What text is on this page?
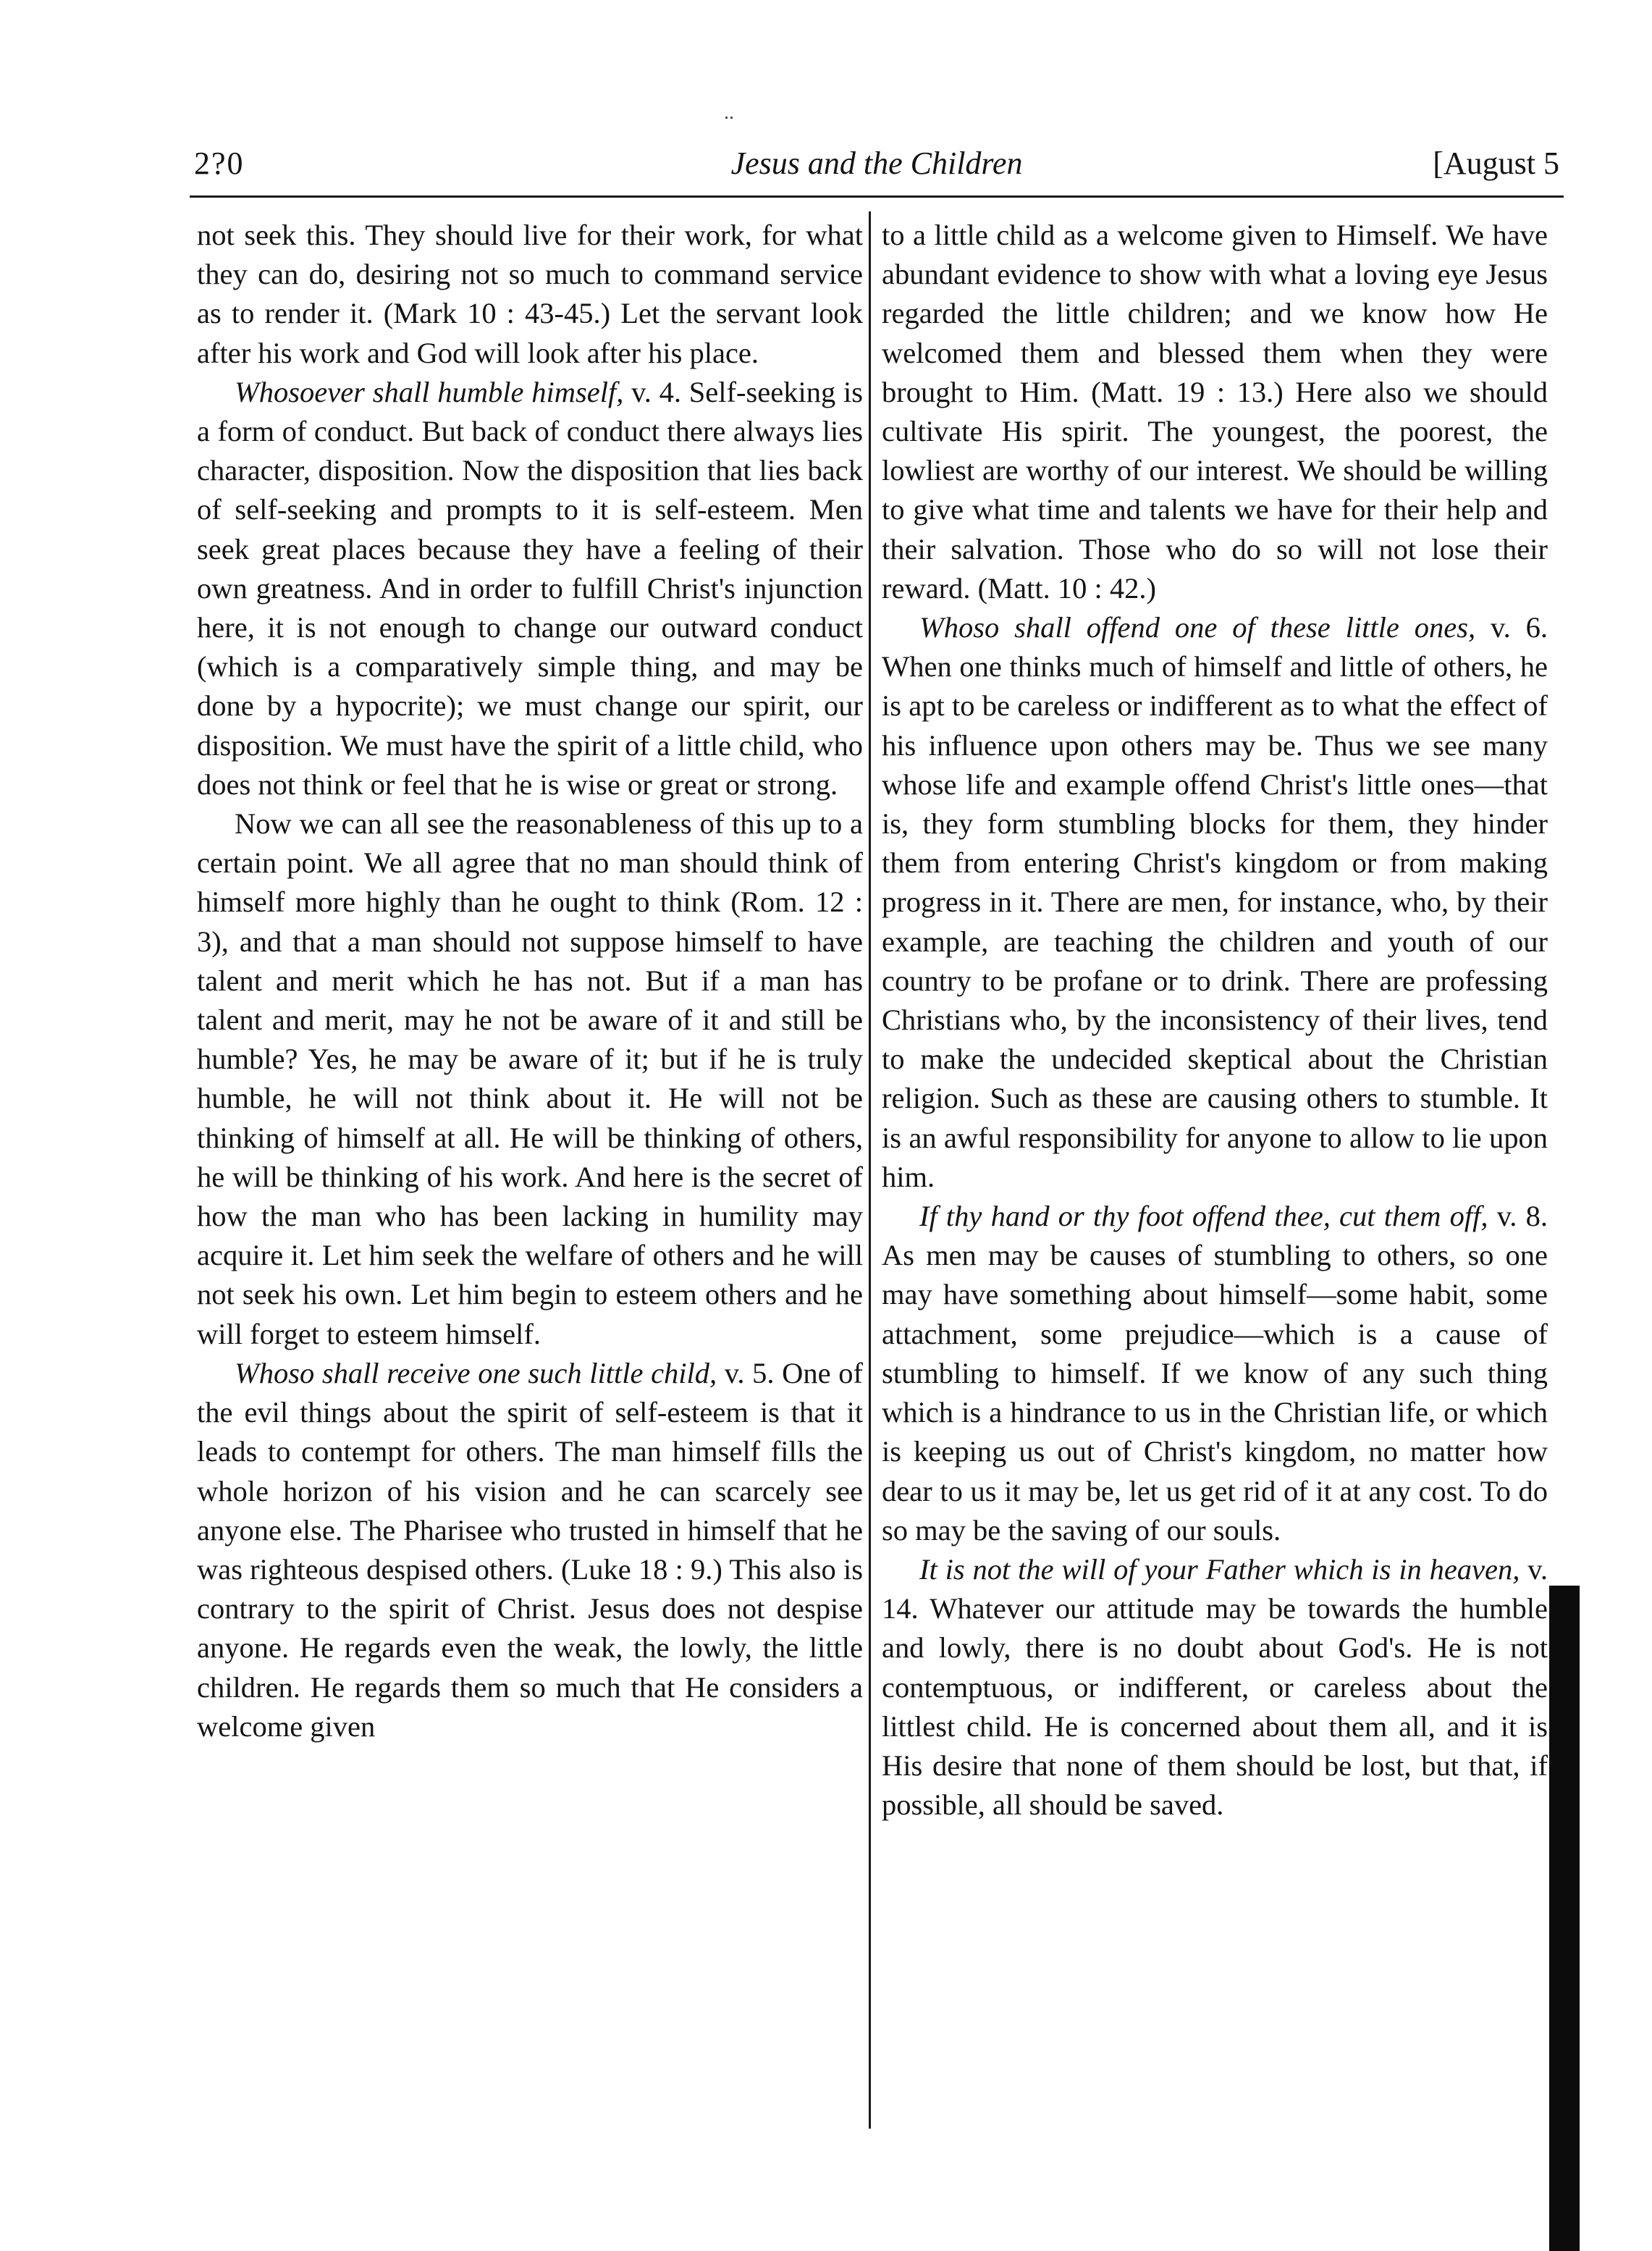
..
2?0	Jesus and the Children	[August 5

not seek this. They should live for their work, for what they can do, desiring not so much to command service as to render it. (Mark 10 : 43-45.) Let the servant look after his work and God will look after his place.

Whosoever shall humble himself, v. 4. Self-seeking is a form of conduct. But back of conduct there always lies character, disposition. Now the disposition that lies back of self-seeking and prompts to it is self-esteem. Men seek great places because they have a feeling of their own greatness. And in order to fulfill Christ's injunction here, it is not enough to change our outward conduct (which is a comparatively simple thing, and may be done by a hypocrite); we must change our spirit, our disposition. We must have the spirit of a little child, who does not think or feel that he is wise or great or strong.

Now we can all see the reasonableness of this up to a certain point. We all agree that no man should think of himself more highly than he ought to think (Rom. 12 : 3), and that a man should not suppose himself to have talent and merit which he has not. But if a man has talent and merit, may he not be aware of it and still be humble? Yes, he may be aware of it; but if he is truly humble, he will not think about it. He will not be thinking of himself at all. He will be thinking of others, he will be thinking of his work. And here is the secret of how the man who has been lacking in humility may acquire it. Let him seek the welfare of others and he will not seek his own. Let him begin to esteem others and he will forget to esteem himself.

Whoso shall receive one such little child, v. 5. One of the evil things about the spirit of self-esteem is that it leads to contempt for others. The man himself fills the whole horizon of his vision and he can scarcely see anyone else. The Pharisee who trusted in himself that he was righteous despised others. (Luke 18 : 9.) This also is contrary to the spirit of Christ. Jesus does not despise anyone. He regards even the weak, the lowly, the little children. He regards them so much that He considers a welcome given

to a little child as a welcome given to Himself. We have abundant evidence to show with what a loving eye Jesus regarded the little children; and we know how He welcomed them and blessed them when they were brought to Him. (Matt. 19 : 13.) Here also we should cultivate His spirit. The youngest, the poorest, the lowliest are worthy of our interest. We should be willing to give what time and talents we have for their help and their salvation. Those who do so will not lose their reward. (Matt. 10 : 42.)

Whoso shall offend one of these little ones, v. 6. When one thinks much of himself and little of others, he is apt to be careless or indifferent as to what the effect of his influence upon others may be. Thus we see many whose life and example offend Christ's little ones—that is, they form stumbling blocks for them, they hinder them from entering Christ's kingdom or from making progress in it. There are men, for instance, who, by their example, are teaching the children and youth of our country to be profane or to drink. There are professing Christians who, by the inconsistency of their lives, tend to make the undecided skeptical about the Christian religion. Such as these are causing others to stumble. It is an awful responsibility for anyone to allow to lie upon him.

If thy hand or thy foot offend thee, cut them off, v. 8. As men may be causes of stumbling to others, so one may have something about himself—some habit, some attachment, some prejudice—which is a cause of stumbling to himself. If we know of any such thing which is a hindrance to us in the Christian life, or which is keeping us out of Christ's kingdom, no matter how dear to us it may be, let us get rid of it at any cost. To do so may be the saving of our souls.

It is not the will of your Father which is in heaven, v. 14. Whatever our attitude may be towards the humble and lowly, there is no doubt about God's. He is not contemptuous, or indifferent, or careless about the littlest child. He is concerned about them all, and it is His desire that none of them should be lost, but that, if possible, all should be saved.
